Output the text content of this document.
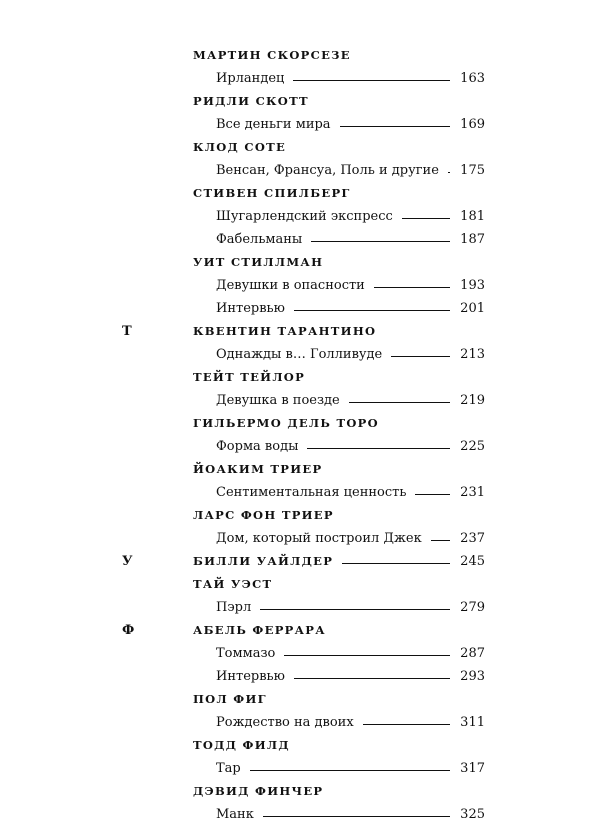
МАРТИН СКОРСЕЗЕ
Ирландец	163
РИДЛИ СКОТТ
Все деньги мира	169
КЛОД СОТЕ
Венсан, Франсуа, Поль и другие 175
СТИВЕН СПИЛБЕРГ
Шугарлендский экспресс	181
Фабельманы	187
УИТ СТИЛЛМАН
Девушки в опасности	193
Интервью	201
Т	КВЕНТИН ТАРАНТИНО
Однажды в… Голливуде	213
ТЕЙТ ТЕЙЛОР
Девушка в поезде	219
ГИЛЬЕРМО ДЕЛЬ ТОРО
Форма воды	225
ЙОАКИМ ТРИЕР
Сентиментальная ценность	231
ЛАРС ФОН ТРИЕР
Дом, который построил Джек	237
У	БИЛЛИ УАЙЛДЕР	245
ТАЙ УЭСТ
Пэрл	279
Ф	АБЕЛЬ ФЕРРАРА
Томмазо	287
Интервью	293
ПОЛ ФИГ
Рождество на двоих	311
ТОДД ФИЛД
Тар	317
ДЭВИД ФИНЧЕР
Манк	325
